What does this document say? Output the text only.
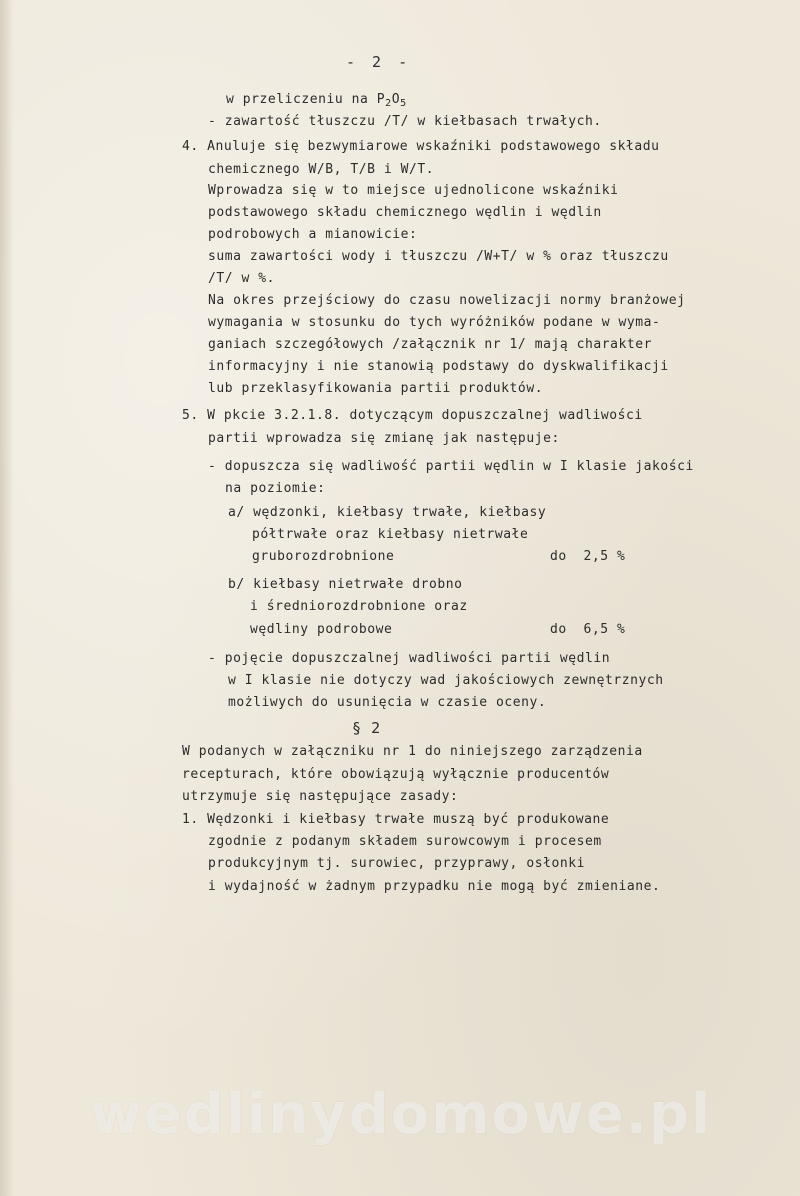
- 2 -
w przeliczeniu na $P_2O_5$
- zawartość tłuszczu /T/ w kiełbasach trwałych.
4. Anuluje się bezwymiarowe wskaźniki podstawowego składu
chemicznego W/B, T/B i W/T.
Wprowadza się w to miejsce ujednolicone wskaźniki
podstawowego składu chemicznego wędlin i wędlin
podrobowych a mianowicie:
suma zawartości wody i tłuszczu /W+T/ w % oraz tłuszczu
/T/ w %.
Na okres przejściowy do czasu nowelizacji normy branżowej
wymagania w stosunku do tych wyróżników podane w wyma-
ganiach szczegółowych /załącznik nr 1/ mają charakter
informacyjny i nie stanowią podstawy do dyskwalifikacji
lub przeklasyfikowania partii produktów.
5. W pkcie 3.2.1.8. dotyczącym dopuszczalnej wadliwości
partii wprowadza się zmianę jak następuje:
- dopuszcza się wadliwość partii wędlin w I klasie jakości
na poziomie:
a/ wędzonki, kiełbasy trwałe, kiełbasy
półtrwałe oraz kiełbasy nietrwałe
gruborozdrobnione	do  2,5 %
b/ kiełbasy nietrwałe drobno
i średniorozdrobnione oraz
wędliny podrobowe	do  6,5 %
- pojęcie dopuszczalnej wadliwości partii wędlin
w I klasie nie dotyczy wad jakościowych zewnętrznych
możliwych do usunięcia w czasie oceny.
§ 2
W podanych w załączniku nr 1 do niniejszego zarządzenia
recepturach, które obowiązują wyłącznie producentów
utrzymuje się następujące zasady:
1. Wędzonki i kiełbasy trwałe muszą być produkowane
zgodnie z podanym składem surowcowym i procesem
produkcyjnym tj. surowiec, przyprawy, osłonki
i wydajność w żadnym przypadku nie mogą być zmieniane.
wedlinydomowe.pl
